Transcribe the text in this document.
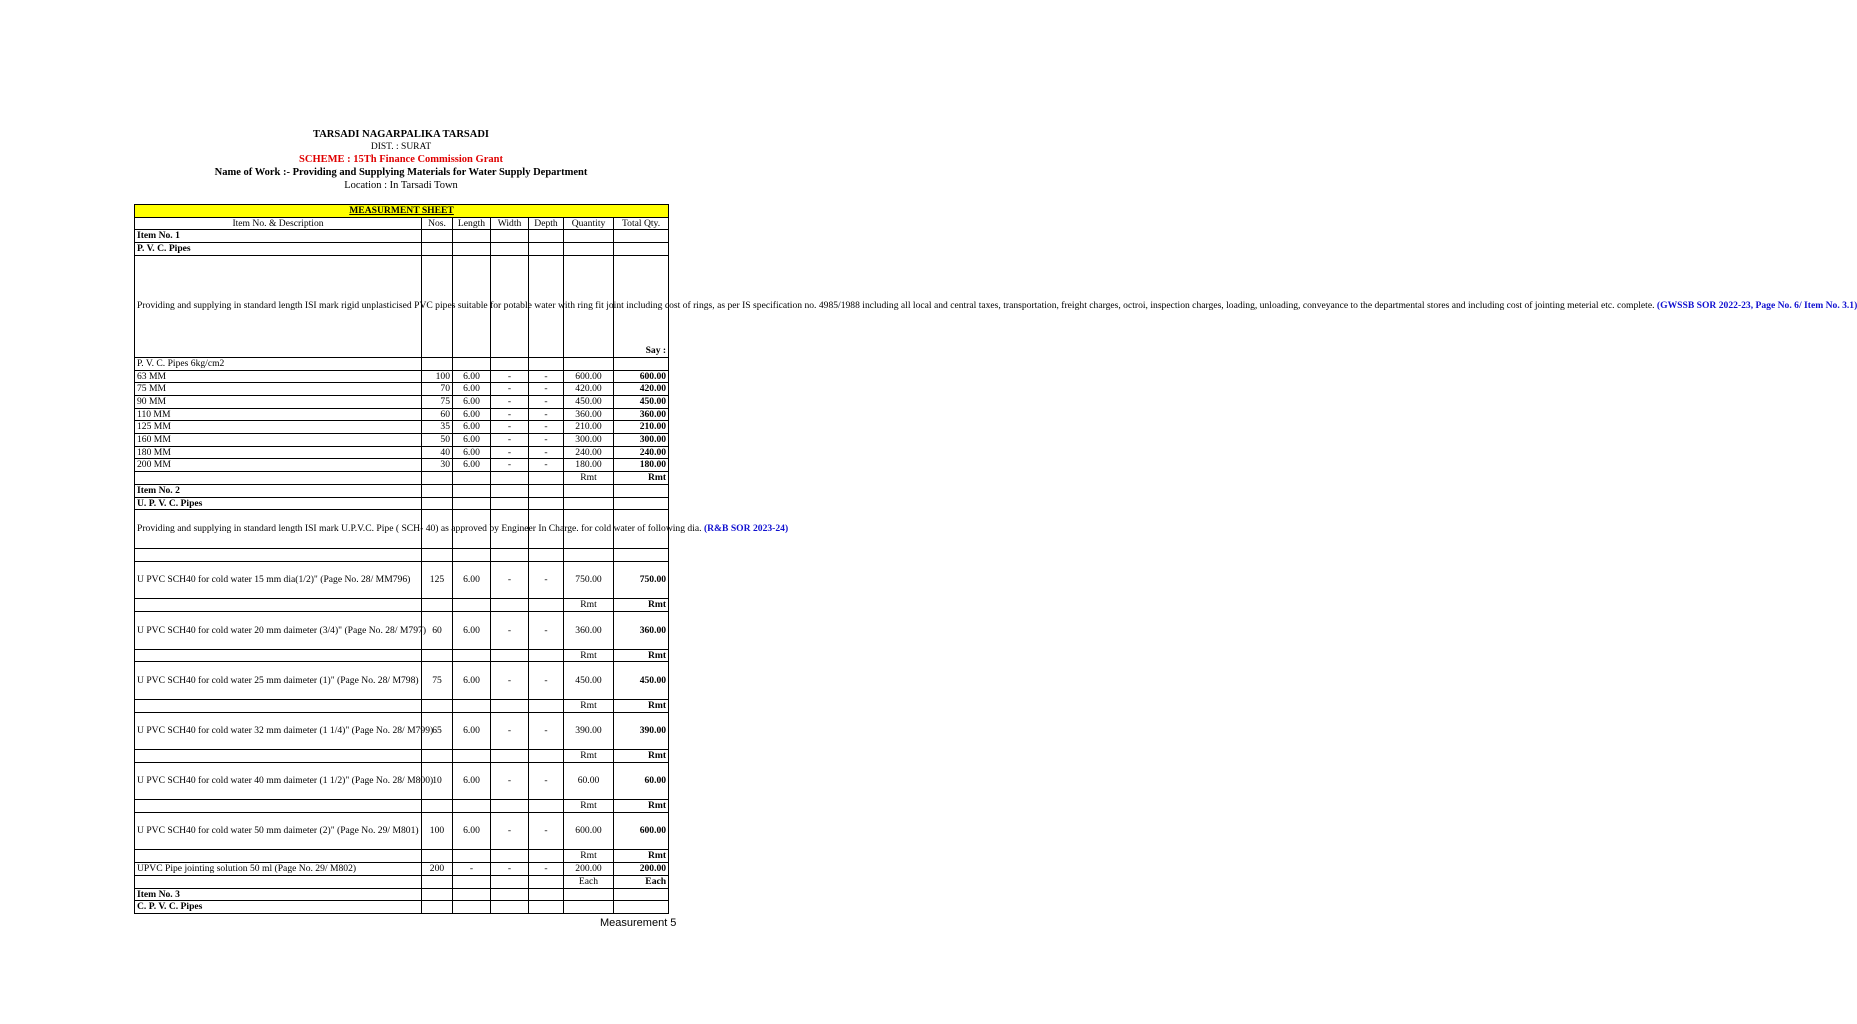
TARSADI NAGARPALIKA TARSADI
DIST. : SURAT
SCHEME : 15Th Finance Commission Grant
Name of Work :- Providing and Supplying Materials for Water Supply Department
Location : In Tarsadi Town
MEASURMENT SHEET						
Item No. & Description	Nos.	Length	Width	Depth	Quantity	Total Qty.
Item No. 1						
P. V. C. Pipes						
Providing and supplying in standard length ISI mark rigid unplasticised PVC pipes suitable for potable water with ring fit joint including cost of rings, as per IS specification no. 4985/1988 including all local and central taxes, transportation, freight charges, octroi, inspection charges, loading, unloading, conveyance to the departmental stores and including cost of jointing meterial etc. complete. (GWSSB SOR 2022-23, Page No. 6/ Item No. 3.1)						Say :
P. V. C. Pipes 6kg/cm2						
63 MM	100	6.00	-	-	600.00	600.00
75 MM	70	6.00	-	-	420.00	420.00
90 MM	75	6.00	-	-	450.00	450.00
110 MM	60	6.00	-	-	360.00	360.00
125 MM	35	6.00	-	-	210.00	210.00
160 MM	50	6.00	-	-	300.00	300.00
180 MM	40	6.00	-	-	240.00	240.00
200 MM	30	6.00	-	-	180.00	180.00
					Rmt	Rmt
Item No. 2						
U. P. V. C. Pipes						
Providing and supplying in standard length ISI mark U.P.V.C. Pipe ( SCH- 40) as approved by Engineer In Charge. for cold water of following dia. (R&B SOR 2023-24)						

U PVC SCH40 for cold water 15 mm dia(1/2)" (Page No. 28/ MM796)	125	6.00	-	-	750.00	750.00
					Rmt	Rmt
U PVC SCH40 for cold water 20 mm daimeter (3/4)" (Page No. 28/ M797)	60	6.00	-	-	360.00	360.00
					Rmt	Rmt
U PVC SCH40 for cold water 25 mm daimeter (1)" (Page No. 28/ M798)	75	6.00	-	-	450.00	450.00
					Rmt	Rmt
U PVC SCH40 for cold water 32 mm daimeter (1 1/4)" (Page No. 28/ M799)	65	6.00	-	-	390.00	390.00
					Rmt	Rmt
U PVC SCH40 for cold water 40 mm daimeter (1 1/2)" (Page No. 28/ M800)	10	6.00	-	-	60.00	60.00
					Rmt	Rmt
U PVC SCH40 for cold water 50 mm daimeter (2)" (Page No. 29/ M801)	100	6.00	-	-	600.00	600.00
					Rmt	Rmt
UPVC Pipe jointing solution 50 ml (Page No. 29/ M802)	200	-	-	-	200.00	200.00
					Each	Each
Item No. 3						
C. P. V. C. Pipes						
Measurement 5
